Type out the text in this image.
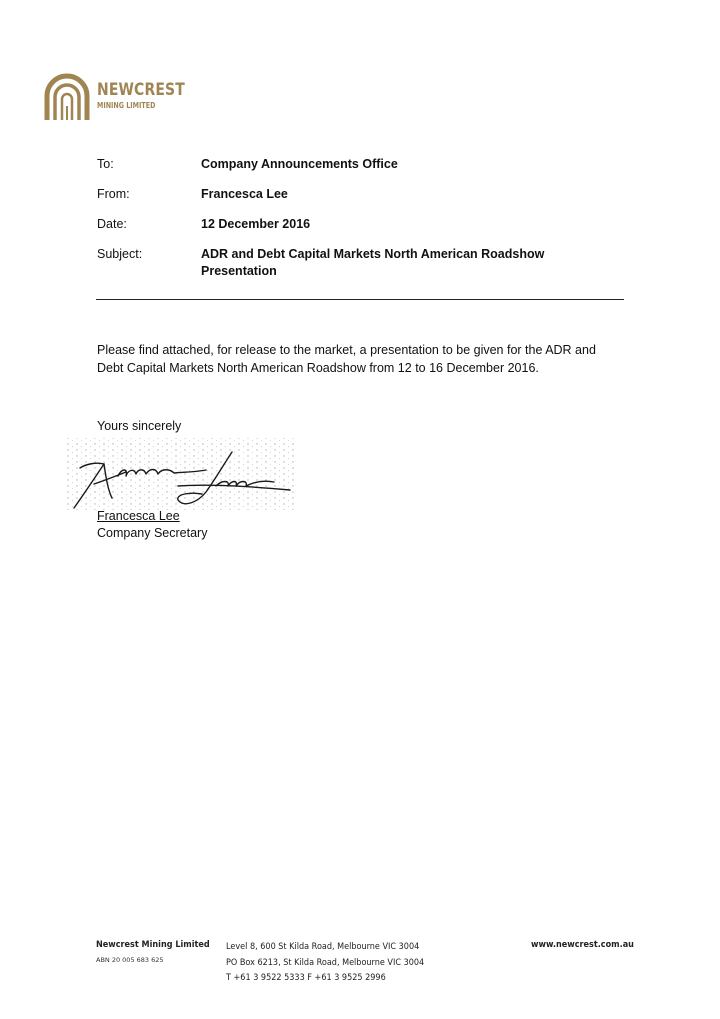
NEWCREST
MINING LIMITED
To:	Company Announcements Office
From:	Francesca Lee
Date:	12 December 2016
Subject:	ADR and Debt Capital Markets North American Roadshow Presentation
Please find attached, for release to the market, a presentation to be given for the ADR and Debt Capital Markets North American Roadshow from 12 to 16 December 2016.
Yours sincerely
Francesca Lee
Company Secretary
Newcrest Mining Limited
ABN 20 005 683 625
Level 8, 600 St Kilda Road, Melbourne VIC 3004
PO Box 6213, St Kilda Road, Melbourne VIC 3004
T +61 3 9522 5333 F +61 3 9525 2996
www.newcrest.com.au
